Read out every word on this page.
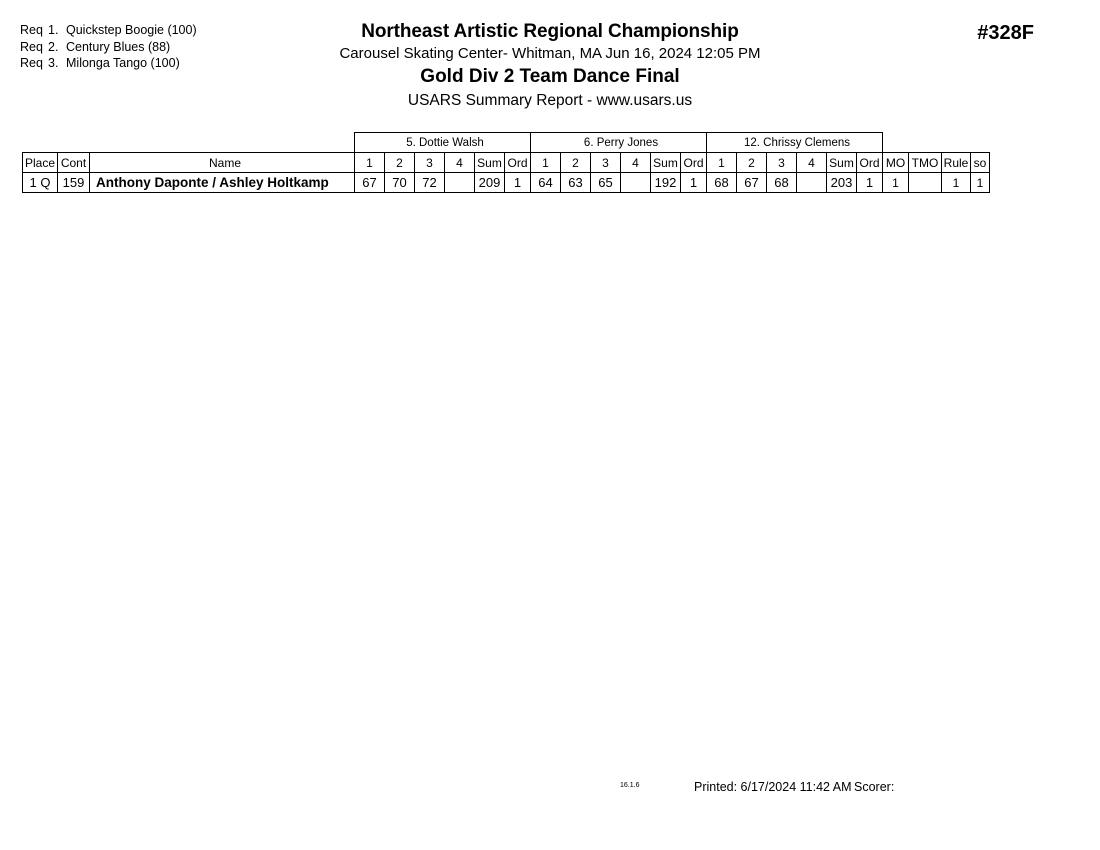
Req 1. Quickstep Boogie (100)
Req 2. Century Blues (88)
Req 3. Milonga Tango (100)
Northeast Artistic Regional Championship
Carousel Skating Center- Whitman, MA Jun 16, 2024 12:05 PM
Gold Div 2 Team Dance Final
USARS Summary Report - www.usars.us
#328F
			5. Dottie Walsh						6. Perry Jones						12. Chrissy Clemens									
Place	Cont	Name	1	2	3	4	Sum	Ord	1	2	3	4	Sum	Ord	1	2	3	4	Sum	Ord	MO	TMO	Rule	so
1 Q	159	Anthony Daponte / Ashley Holtkamp	67	70	72		209	1	64	63	65		192	1	68	67	68		203	1	1		1	1
16.1.6	Printed: 6/17/2024 11:42 AM Scorer:
